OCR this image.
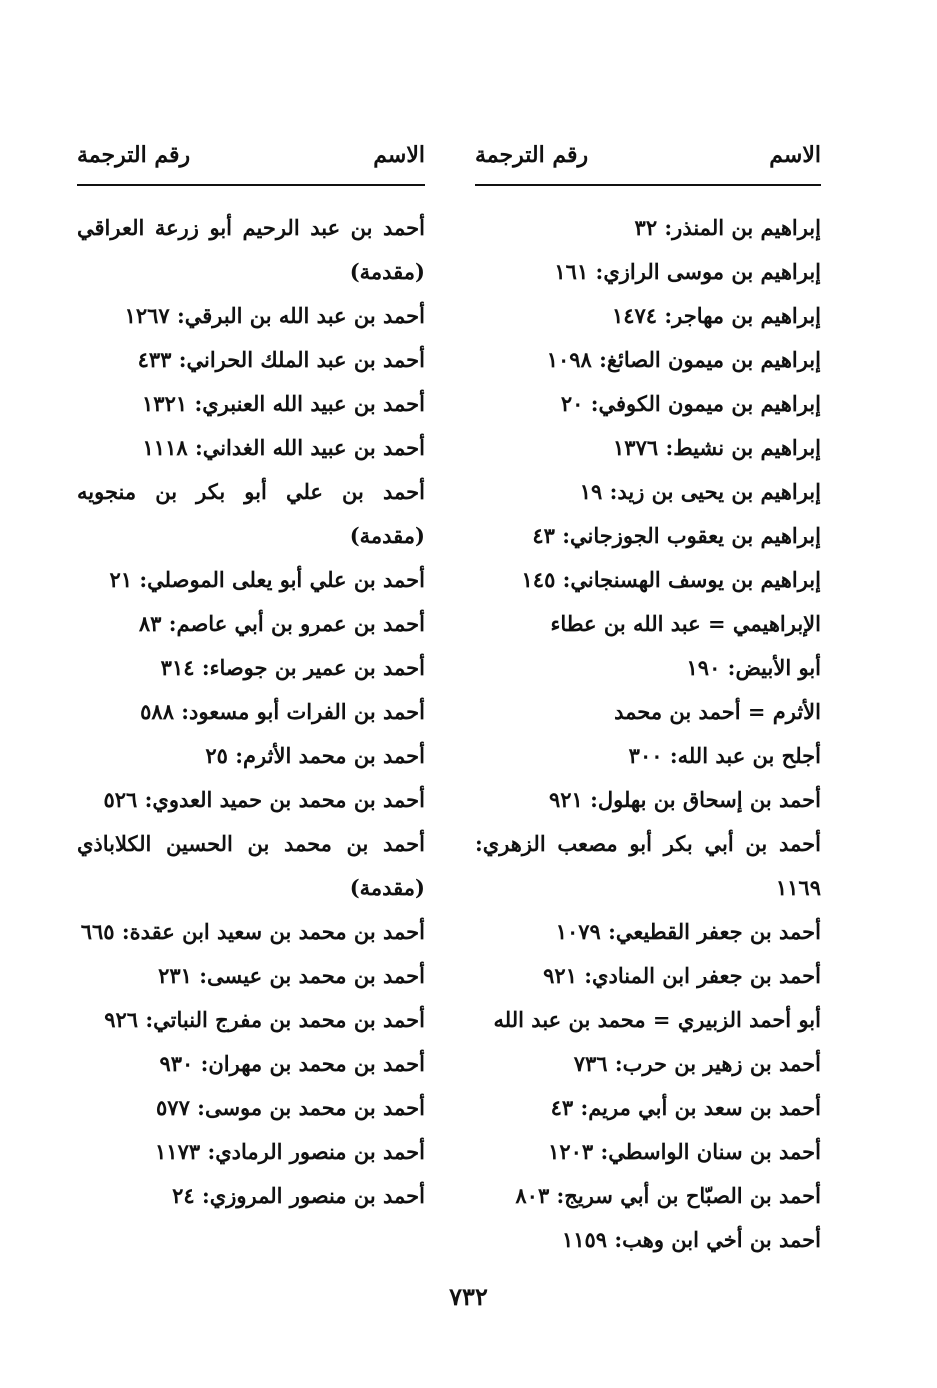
الاسم
رقم الترجمة
إبراهيم بن المنذر: ٣٢
إبراهيم بن موسى الرازي: ١٦١
إبراهيم بن مهاجر: ١٤٧٤
إبراهيم بن ميمون الصائغ: ١٠٩٨
إبراهيم بن ميمون الكوفي: ٢٠
إبراهيم بن نشيط: ١٣٧٦
إبراهيم بن يحيى بن زيد: ١٩
إبراهيم بن يعقوب الجوزجاني: ٤٣
إبراهيم بن يوسف الهسنجاني: ١٤٥
الإبراهيمي = عبد الله بن عطاء
أبو الأبيض: ١٩٠
الأثرم = أحمد بن محمد
أجلح بن عبد الله: ٣٠٠
أحمد بن إسحاق بن بهلول: ٩٢١
أحمد بن أبي بكر أبو مصعب الزهري: ١١٦٩
أحمد بن جعفر القطيعي: ١٠٧٩
أحمد بن جعفر ابن المنادي: ٩٢١
أبو أحمد الزبيري = محمد بن عبد الله
أحمد بن زهير بن حرب: ٧٣٦
أحمد بن سعد بن أبي مريم: ٤٣
أحمد بن سنان الواسطي: ١٢٠٣
أحمد بن الصبّاح بن أبي سريج: ٨٠٣
أحمد بن أخي ابن وهب: ١١٥٩
الاسم
رقم الترجمة
أحمد بن عبد الرحيم أبو زرعة العراقي (مقدمة)
أحمد بن عبد الله بن البرقي: ١٢٦٧
أحمد بن عبد الملك الحراني: ٤٣٣
أحمد بن عبيد الله العنبري: ١٣٢١
أحمد بن عبيد الله الغداني: ١١١٨
أحمد بن علي أبو بكر بن منجويه (مقدمة)
أحمد بن علي أبو يعلى الموصلي: ٢١
أحمد بن عمرو بن أبي عاصم: ٨٣
أحمد بن عمير بن جوصاء: ٣١٤
أحمد بن الفرات أبو مسعود: ٥٨٨
أحمد بن محمد الأثرم: ٢٥
أحمد بن محمد بن حميد العدوي: ٥٢٦
أحمد بن محمد بن الحسين الكلاباذي (مقدمة)
أحمد بن محمد بن سعيد ابن عقدة: ٦٦٥
أحمد بن محمد بن عيسى: ٢٣١
أحمد بن محمد بن مفرج النباتي: ٩٢٦
أحمد بن محمد بن مهران: ٩٣٠
أحمد بن محمد بن موسى: ٥٧٧
أحمد بن منصور الرمادي: ١١٧٣
أحمد بن منصور المروزي: ٢٤
٧٣٢
